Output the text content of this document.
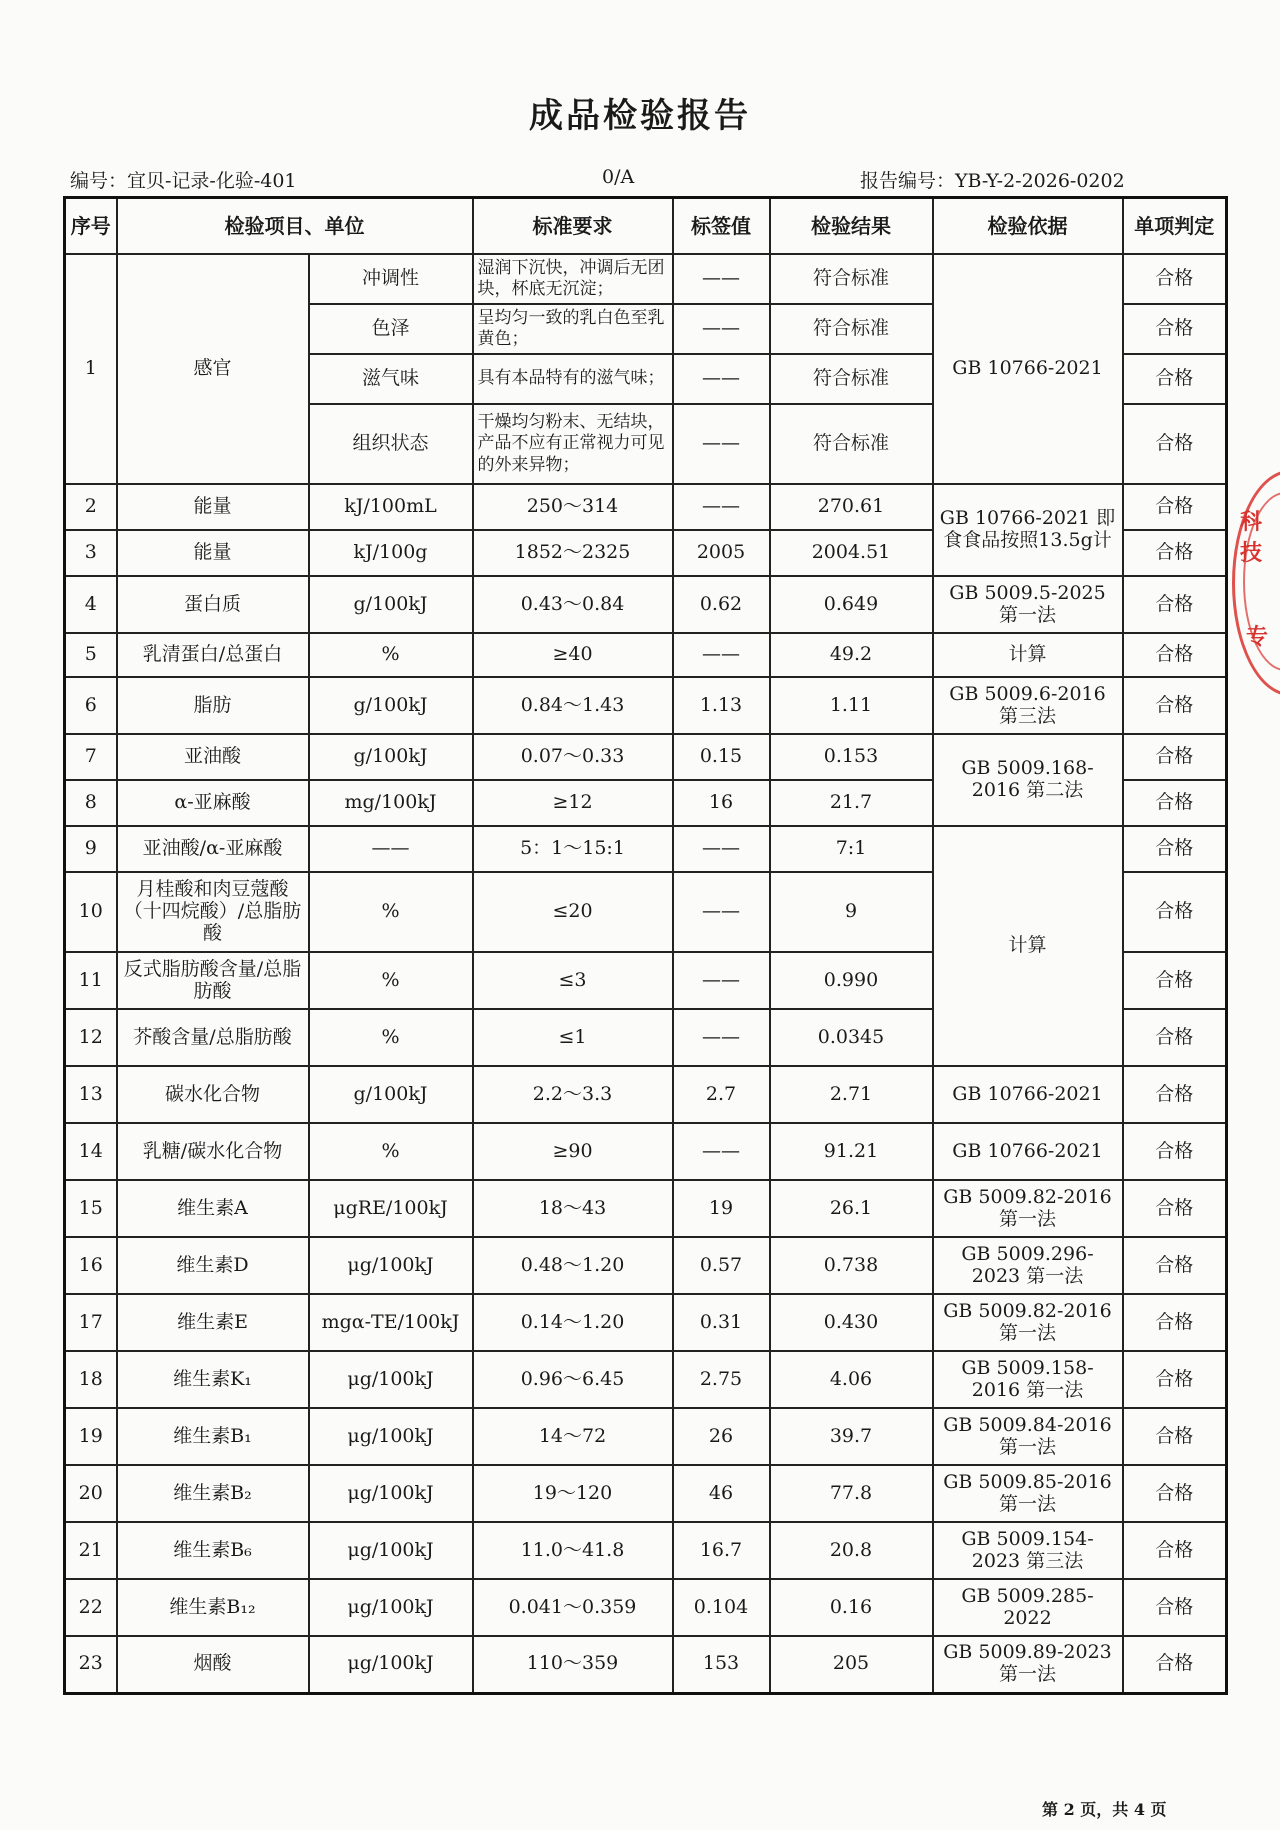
成品检验报告
编号：宜贝-记录-化验-401	0/A	报告编号：YB-Y-2-2026-0202
序号	检验项目、单位		标准要求	标签值	检验结果	检验依据	单项判定
1	感官	冲调性	湿润下沉快，冲调后无团块，杯底无沉淀；	——	符合标准	GB 10766-2021	合格
		色泽	呈均匀一致的乳白色至乳黄色；	——	符合标准		合格
		滋气味	具有本品特有的滋气味；	——	符合标准		合格
		组织状态	干燥均匀粉末、无结块，产品不应有正常视力可见的外来异物；	——	符合标准		合格
2	能量	kJ/100mL	250～314	——	270.61	GB 10766-2021 即食食品按照13.5g计	合格
3	能量	kJ/100g	1852～2325	2005	2004.51		合格
4	蛋白质	g/100kJ	0.43～0.84	0.62	0.649	GB 5009.5-2025 第一法	合格
5	乳清蛋白/总蛋白	%	≥40	——	49.2	计算	合格
6	脂肪	g/100kJ	0.84～1.43	1.13	1.11	GB 5009.6-2016 第三法	合格
7	亚油酸	g/100kJ	0.07～0.33	0.15	0.153	GB 5009.168-2016 第二法	合格
8	α-亚麻酸	mg/100kJ	≥12	16	21.7		合格
9	亚油酸/α-亚麻酸	——	5：1～15:1	——	7:1	计算	合格
10	月桂酸和肉豆蔻酸（十四烷酸）/总脂肪酸	%	≤20	——	9		合格
11	反式脂肪酸含量/总脂肪酸	%	≤3	——	0.990		合格
12	芥酸含量/总脂肪酸	%	≤1	——	0.0345		合格
13	碳水化合物	g/100kJ	2.2～3.3	2.7	2.71	GB 10766-2021	合格
14	乳糖/碳水化合物	%	≥90	——	91.21	GB 10766-2021	合格
15	维生素A	μgRE/100kJ	18～43	19	26.1	GB 5009.82-2016 第一法	合格
16	维生素D	μg/100kJ	0.48～1.20	0.57	0.738	GB 5009.296-2023 第一法	合格
17	维生素E	mgα-TE/100kJ	0.14～1.20	0.31	0.430	GB 5009.82-2016 第一法	合格
18	维生素K₁	μg/100kJ	0.96～6.45	2.75	4.06	GB 5009.158-2016 第一法	合格
19	维生素B₁	μg/100kJ	14～72	26	39.7	GB 5009.84-2016 第一法	合格
20	维生素B₂	μg/100kJ	19～120	46	77.8	GB 5009.85-2016 第一法	合格
21	维生素B₆	μg/100kJ	11.0～41.8	16.7	20.8	GB 5009.154-2023 第三法	合格
22	维生素B₁₂	μg/100kJ	0.041～0.359	0.104	0.16	GB 5009.285-2022	合格
23	烟酸	μg/100kJ	110～359	153	205	GB 5009.89-2023 第一法	合格
科技
专
第 2 页，共 4 页
